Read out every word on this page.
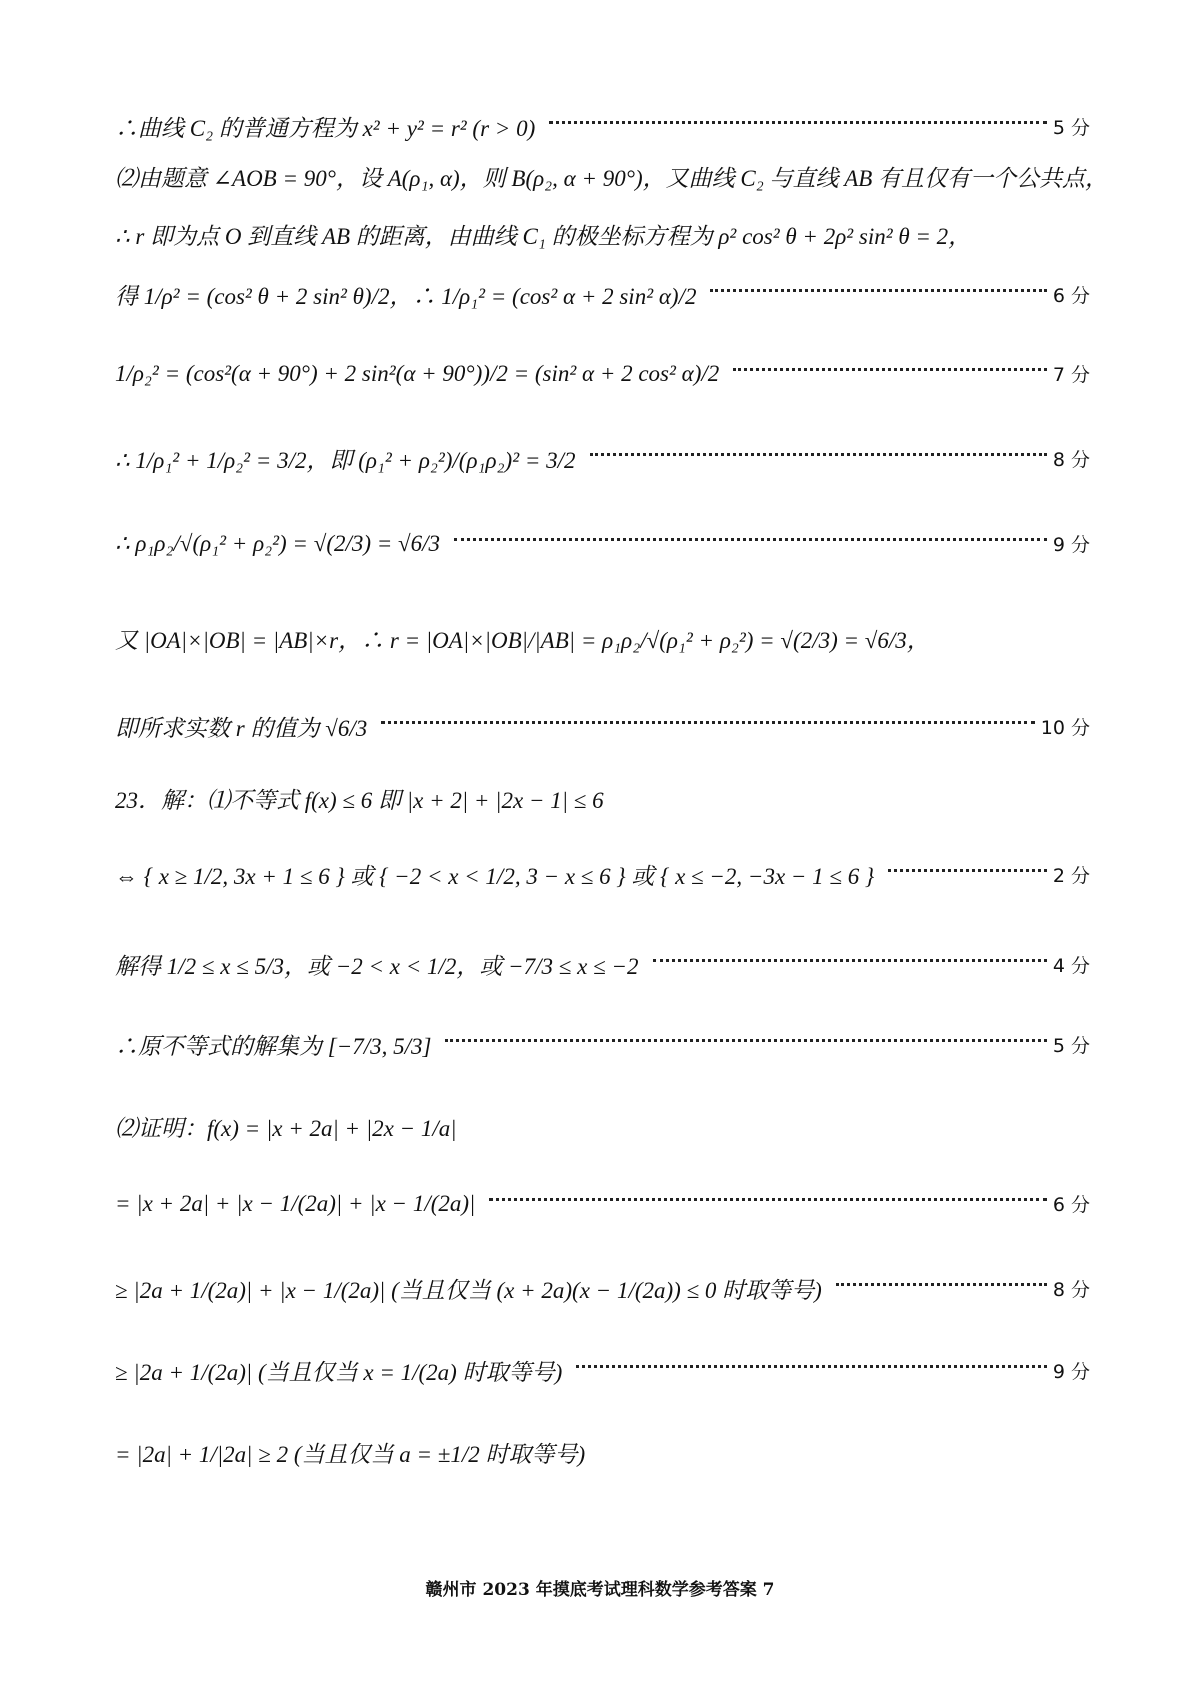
∴曲线 C₂ 的普通方程为 x² + y² = r² (r > 0)	5 分
⑵由题意 ∠AOB = 90°，设 A(ρ₁, α)，则 B(ρ₂, α + 90°)，又曲线 C₂ 与直线 AB 有且仅有一个公共点，
∴ r 即为点 O 到直线 AB 的距离，由曲线 C₁ 的极坐标方程为 ρ² cos² θ + 2ρ² sin² θ = 2，
得 1/ρ² = (cos² θ + 2 sin² θ)/2，∴ 1/ρ₁² = (cos² α + 2 sin² α)/2	6 分
1/ρ₂² = (cos²(α + 90°) + 2 sin²(α + 90°))/2 = (sin² α + 2 cos² α)/2	7 分
∴ 1/ρ₁² + 1/ρ₂² = 3/2，即 (ρ₁² + ρ₂²)/(ρ₁ρ₂)² = 3/2	8 分
∴ ρ₁ρ₂/√(ρ₁² + ρ₂²) = √(2/3) = √6/3	9 分
又 |OA|×|OB| = |AB|×r，∴ r = |OA|×|OB|/|AB| = ρ₁ρ₂/√(ρ₁² + ρ₂²) = √(2/3) = √6/3，
即所求实数 r 的值为 √6/3	10 分
23．解：⑴不等式 f(x) ≤ 6 即 |x + 2| + |2x − 1| ≤ 6
⇔ { x ≥ 1/2, 3x + 1 ≤ 6 } 或 { −2 < x < 1/2, 3 − x ≤ 6 } 或 { x ≤ −2, −3x − 1 ≤ 6 }	2 分
解得 1/2 ≤ x ≤ 5/3，或 −2 < x < 1/2，或 −7/3 ≤ x ≤ −2	4 分
∴原不等式的解集为 [−7/3, 5/3]	5 分
⑵证明：f(x) = |x + 2a| + |2x − 1/a|
= |x + 2a| + |x − 1/(2a)| + |x − 1/(2a)|	6 分
≥ |2a + 1/(2a)| + |x − 1/(2a)| (当且仅当 (x + 2a)(x − 1/(2a)) ≤ 0 时取等号)	8 分
≥ |2a + 1/(2a)| (当且仅当 x = 1/(2a) 时取等号)	9 分
= |2a| + 1/|2a| ≥ 2 (当且仅当 a = ±1/2 时取等号)
赣州市 2023 年摸底考试理科数学参考答案 7
